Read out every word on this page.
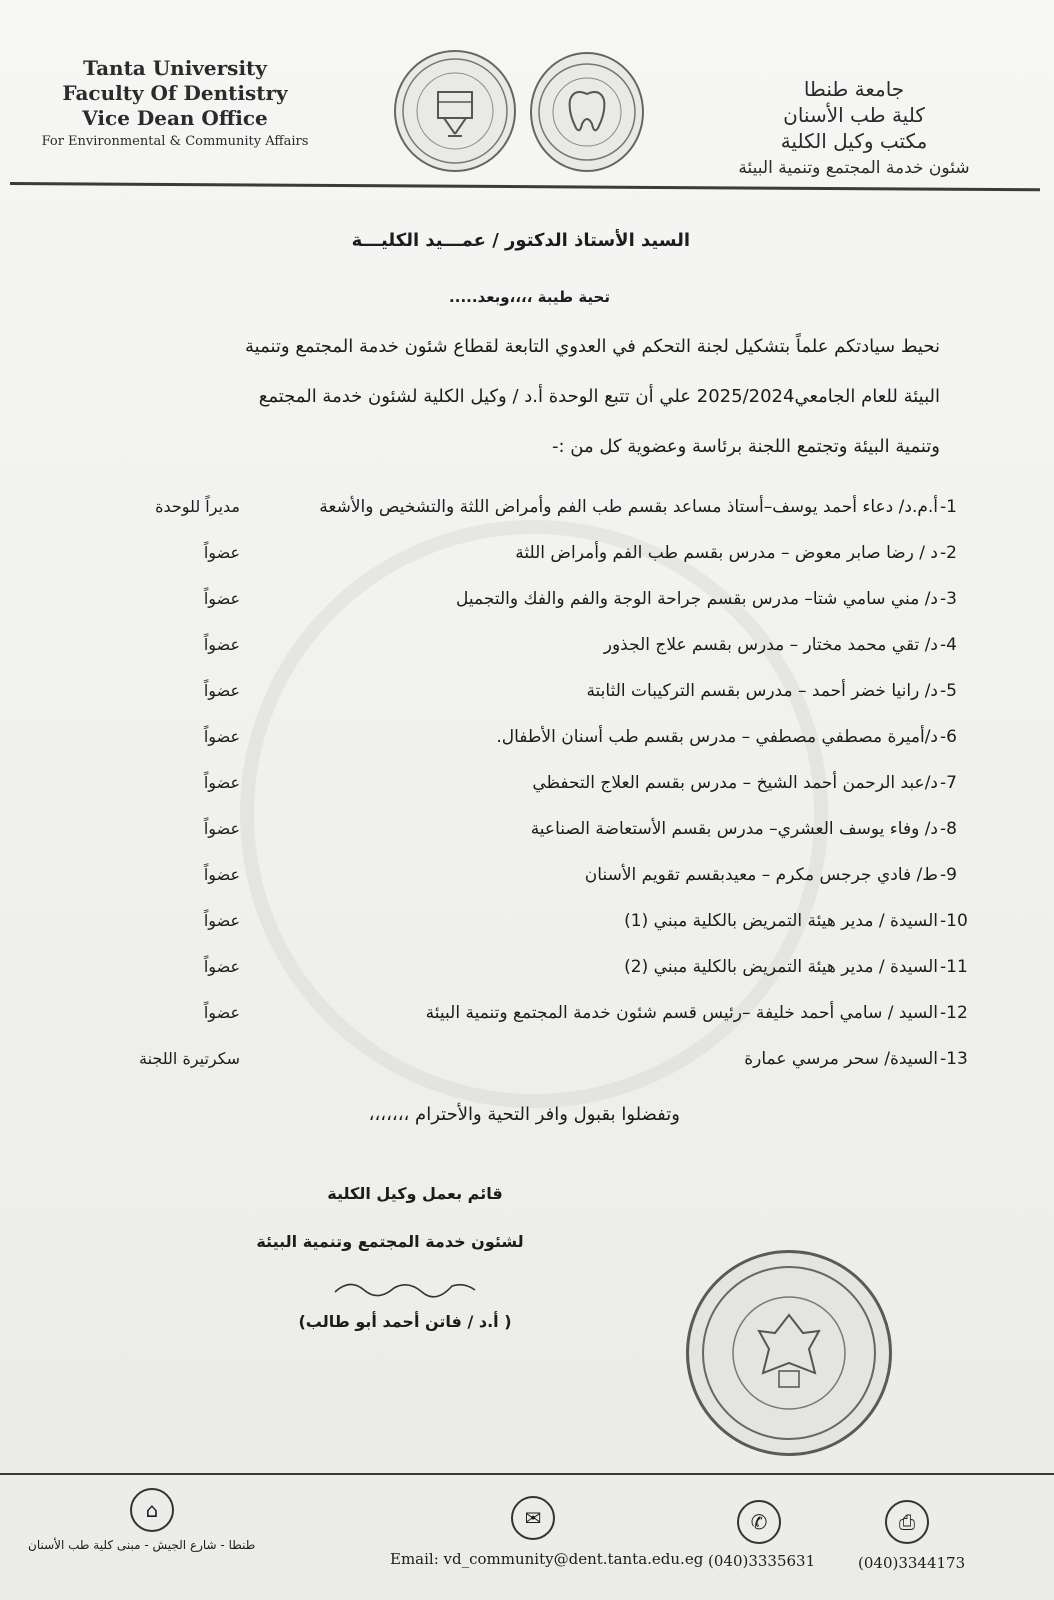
Tanta University
Faculty Of Dentistry
Vice Dean Office
For Environmental & Community Affairs
جامعة طنطا
كلية طب الأسنان
مكتب وكيل الكلية
شئون خدمة المجتمع وتنمية البيئة
السيد الأستاذ الدكتور / عمـــيد الكليـــة
تحية طيبة ،،،،وبعد.....

نحيط سيادتكم علماً بتشكيل لجنة التحكم في العدوي التابعة لقطاع شئون خدمة المجتمع وتنمية

البيئة للعام الجامعي2025/2024 علي أن تتبع الوحدة أ.د / وكيل الكلية لشئون خدمة المجتمع

وتنمية البيئة وتجتمع اللجنة برئاسة وعضوية كل من :-

-1
أ.م.د/ دعاء أحمد يوسف–أستاذ مساعد بقسم طب الفم وأمراض اللثة والتشخيص والأشعة
مديراً للوحدة
-2
د / رضا صابر معوض – مدرس بقسم طب الفم وأمراض اللثة
عضواً
-3
د/ مني سامي شتا– مدرس بقسم جراحة الوجة والفم والفك والتجميل
عضواً
-4
د/ تقي محمد مختار – مدرس بقسم علاج الجذور
عضواً
-5
د/ رانيا خضر أحمد – مدرس بقسم التركيبات الثابتة
عضواً
-6
د/أميرة مصطفي مصطفي – مدرس بقسم طب أسنان الأطفال.
عضواً
-7
د/عبد الرحمن أحمد الشيخ – مدرس بقسم العلاج التحفظي
عضواً
-8
د/ وفاء يوسف العشري– مدرس بقسم الأستعاضة الصناعية
عضواً
-9
ط/ فادي جرجس مكرم – معيدبقسم تقويم الأسنان
عضواً
-10
السيدة / مدير هيئة التمريض بالكلية مبني (1)
عضواً
-11
السيدة / مدير هيئة التمريض بالكلية مبني (2)
عضواً
-12
السيد / سامي أحمد خليفة –رئيس قسم شئون خدمة المجتمع وتنمية البيئة
عضواً
-13
السيدة/ سحر مرسي عمارة
سكرتيرة اللجنة
وتفضلوا بقبول وافر التحية والأحترام ،،،،،،،
قائم بعمل وكيل الكلية
لشئون خدمة المجتمع وتنمية البيئة
( أ.د / فاتن أحمد أبو طالب)
⌂
طنطا - شارع الجيش - مبنى كلية طب الأسنان
✉
Email: vd_community@dent.tanta.edu.eg
✆
(040)3335631
⎙
(040)3344173
